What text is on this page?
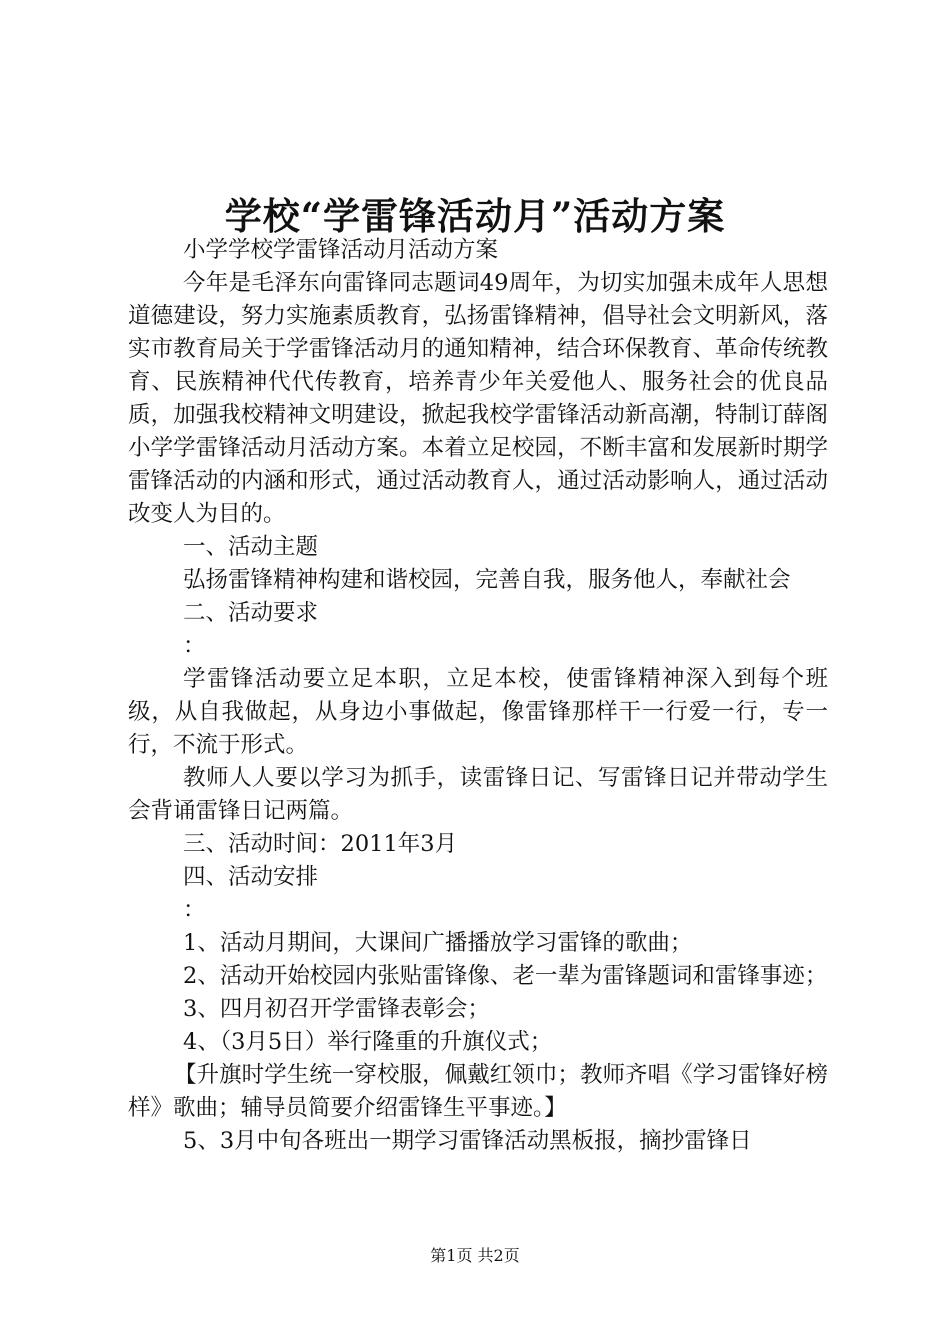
学校“学雷锋活动月”活动方案

小学学校学雷锋活动月活动方案

今年是毛泽东向雷锋同志题词49周年，为切实加强未成年人思想道德建设，努力实施素质教育，弘扬雷锋精神，倡导社会文明新风，落实市教育局关于学雷锋活动月的通知精神，结合环保教育、革命传统教育、民族精神代代传教育，培养青少年关爱他人、服务社会的优良品质，加强我校精神文明建设，掀起我校学雷锋活动新高潮，特制订薛阁小学学雷锋活动月活动方案。本着立足校园，不断丰富和发展新时期学雷锋活动的内涵和形式，通过活动教育人，通过活动影响人，通过活动改变人为目的。

一、活动主题

弘扬雷锋精神构建和谐校园，完善自我，服务他人，奉献社会

二、活动要求

：

学雷锋活动要立足本职，立足本校，使雷锋精神深入到每个班级，从自我做起，从身边小事做起，像雷锋那样干一行爱一行，专一行，不流于形式。

教师人人要以学习为抓手，读雷锋日记、写雷锋日记并带动学生会背诵雷锋日记两篇。

三、活动时间：2011年3月

四、活动安排

：

1、活动月期间，大课间广播播放学习雷锋的歌曲；

2、活动开始校园内张贴雷锋像、老一辈为雷锋题词和雷锋事迹；

3、四月初召开学雷锋表彰会；

4、（3月5日）举行隆重的升旗仪式；

【升旗时学生统一穿校服，佩戴红领巾；教师齐唱《学习雷锋好榜样》歌曲；辅导员简要介绍雷锋生平事迹。】

5、3月中旬各班出一期学习雷锋活动黑板报，摘抄雷锋日

第1页 共2页
